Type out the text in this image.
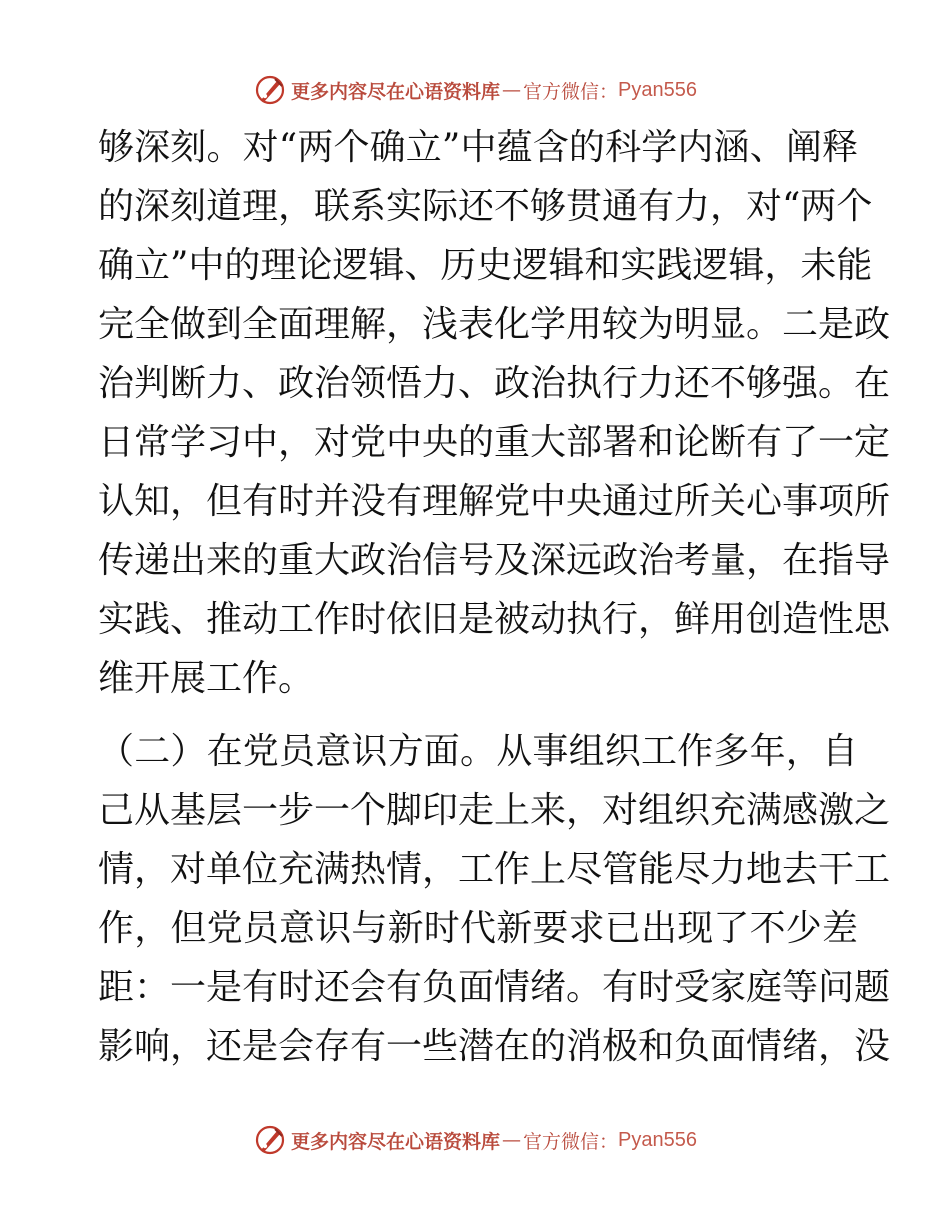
更多内容尽在心语资料库 — 官方微信： Pyan556
够深刻。对“两个确立”中蕴含的科学内涵、阐释
的深刻道理，联系实际还不够贯通有力，对“两个
确立”中的理论逻辑、历史逻辑和实践逻辑，未能
完全做到全面理解，浅表化学用较为明显。二是政
治判断力、政治领悟力、政治执行力还不够强。在
日常学习中，对党中央的重大部署和论断有了一定
认知，但有时并没有理解党中央通过所关心事项所
传递出来的重大政治信号及深远政治考量，在指导
实践、推动工作时依旧是被动执行，鲜用创造性思
维开展工作。
（二）在党员意识方面。从事组织工作多年，自
己从基层一步一个脚印走上来，对组织充满感激之
情，对单位充满热情，工作上尽管能尽力地去干工
作，但党员意识与新时代新要求已出现了不少差
距：一是有时还会有负面情绪。有时受家庭等问题
影响，还是会存有一些潜在的消极和负面情绪，没
更多内容尽在心语资料库 — 官方微信： Pyan556
